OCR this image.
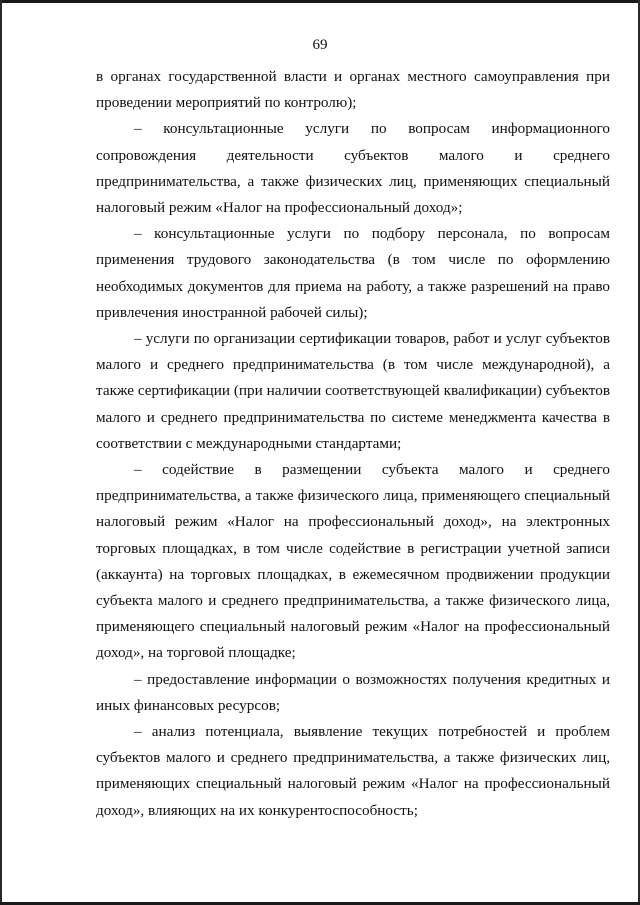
69

в органах государственной власти и органах местного самоуправления при проведении мероприятий по контролю);

– консультационные услуги по вопросам информационного сопровождения деятельности субъектов малого и среднего предпринимательства, а также физических лиц, применяющих специальный налоговый режим «Налог на профессиональный доход»;

– консультационные услуги по подбору персонала, по вопросам применения трудового законодательства (в том числе по оформлению необходимых документов для приема на работу, а также разрешений на право привлечения иностранной рабочей силы);

– услуги по организации сертификации товаров, работ и услуг субъектов малого и среднего предпринимательства (в том числе международной), а также сертификации (при наличии соответствующей квалификации) субъектов малого и среднего предпринимательства по системе менеджмента качества в соответствии с международными стандартами;

– содействие в размещении субъекта малого и среднего предпринимательства, а также физического лица, применяющего специальный налоговый режим «Налог на профессиональный доход», на электронных торговых площадках, в том числе содействие в регистрации учетной записи (аккаунта) на торговых площадках, в ежемесячном продвижении продукции субъекта малого и среднего предпринимательства, а также физического лица, применяющего специальный налоговый режим «Налог на профессиональный доход», на торговой площадке;

– предоставление информации о возможностях получения кредитных и иных финансовых ресурсов;

– анализ потенциала, выявление текущих потребностей и проблем субъектов малого и среднего предпринимательства, а также физических лиц, применяющих специальный налоговый режим «Налог на профессиональный доход», влияющих на их конкурентоспособность;
